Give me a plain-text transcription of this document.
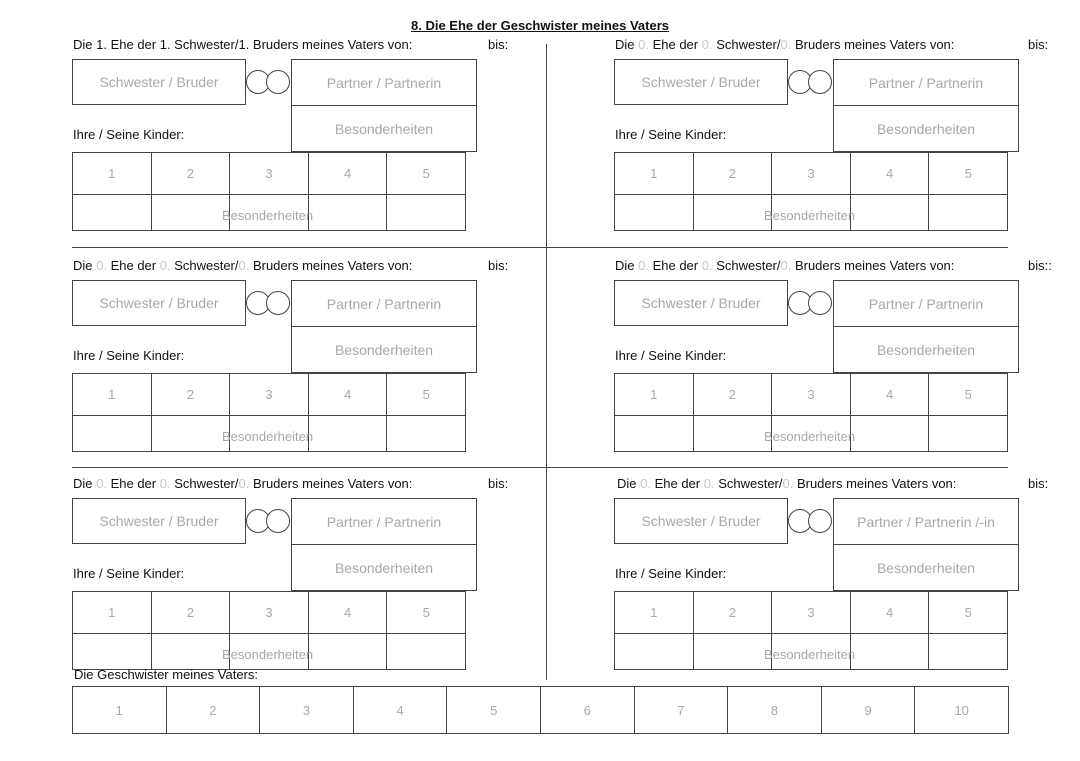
8. Die Ehe der Geschwister meines Vaters
Die 1. Ehe der 1. Schwester/1. Bruders meines Vaters von:	bis:
Schwester / Bruder	Partner / Partnerin
Besonderheiten
Ihre / Seine Kinder:
1	2	3	4	5
Besonderheiten
Die 0. Ehe der 0. Schwester/0. Bruders meines Vaters von:	bis:
Schwester / Bruder	Partner / Partnerin
Besonderheiten
Ihre / Seine Kinder:
1	2	3	4	5
Besonderheiten
Die 0. Ehe der 0. Schwester/0. Bruders meines Vaters von:	bis:
Schwester / Bruder	Partner / Partnerin
Besonderheiten
Ihre / Seine Kinder:
1	2	3	4	5
Besonderheiten
Die 0. Ehe der 0. Schwester/0. Bruders meines Vaters von:	bis::
Schwester / Bruder	Partner / Partnerin
Besonderheiten
Ihre / Seine Kinder:
1	2	3	4	5
Besonderheiten
Die 0. Ehe der 0. Schwester/0. Bruders meines Vaters von:	bis:
Schwester / Bruder	Partner / Partnerin
Besonderheiten
Ihre / Seine Kinder:
1	2	3	4	5
Besonderheiten
Die 0. Ehe der 0. Schwester/0. Bruders meines Vaters von:	bis:
Schwester / Bruder	Partner / Partnerin /-in
Besonderheiten
Ihre / Seine Kinder:
1	2	3	4	5
Besonderheiten
Die Geschwister meines Vaters:
1	2	3	4	5	6	7	8	9	10
